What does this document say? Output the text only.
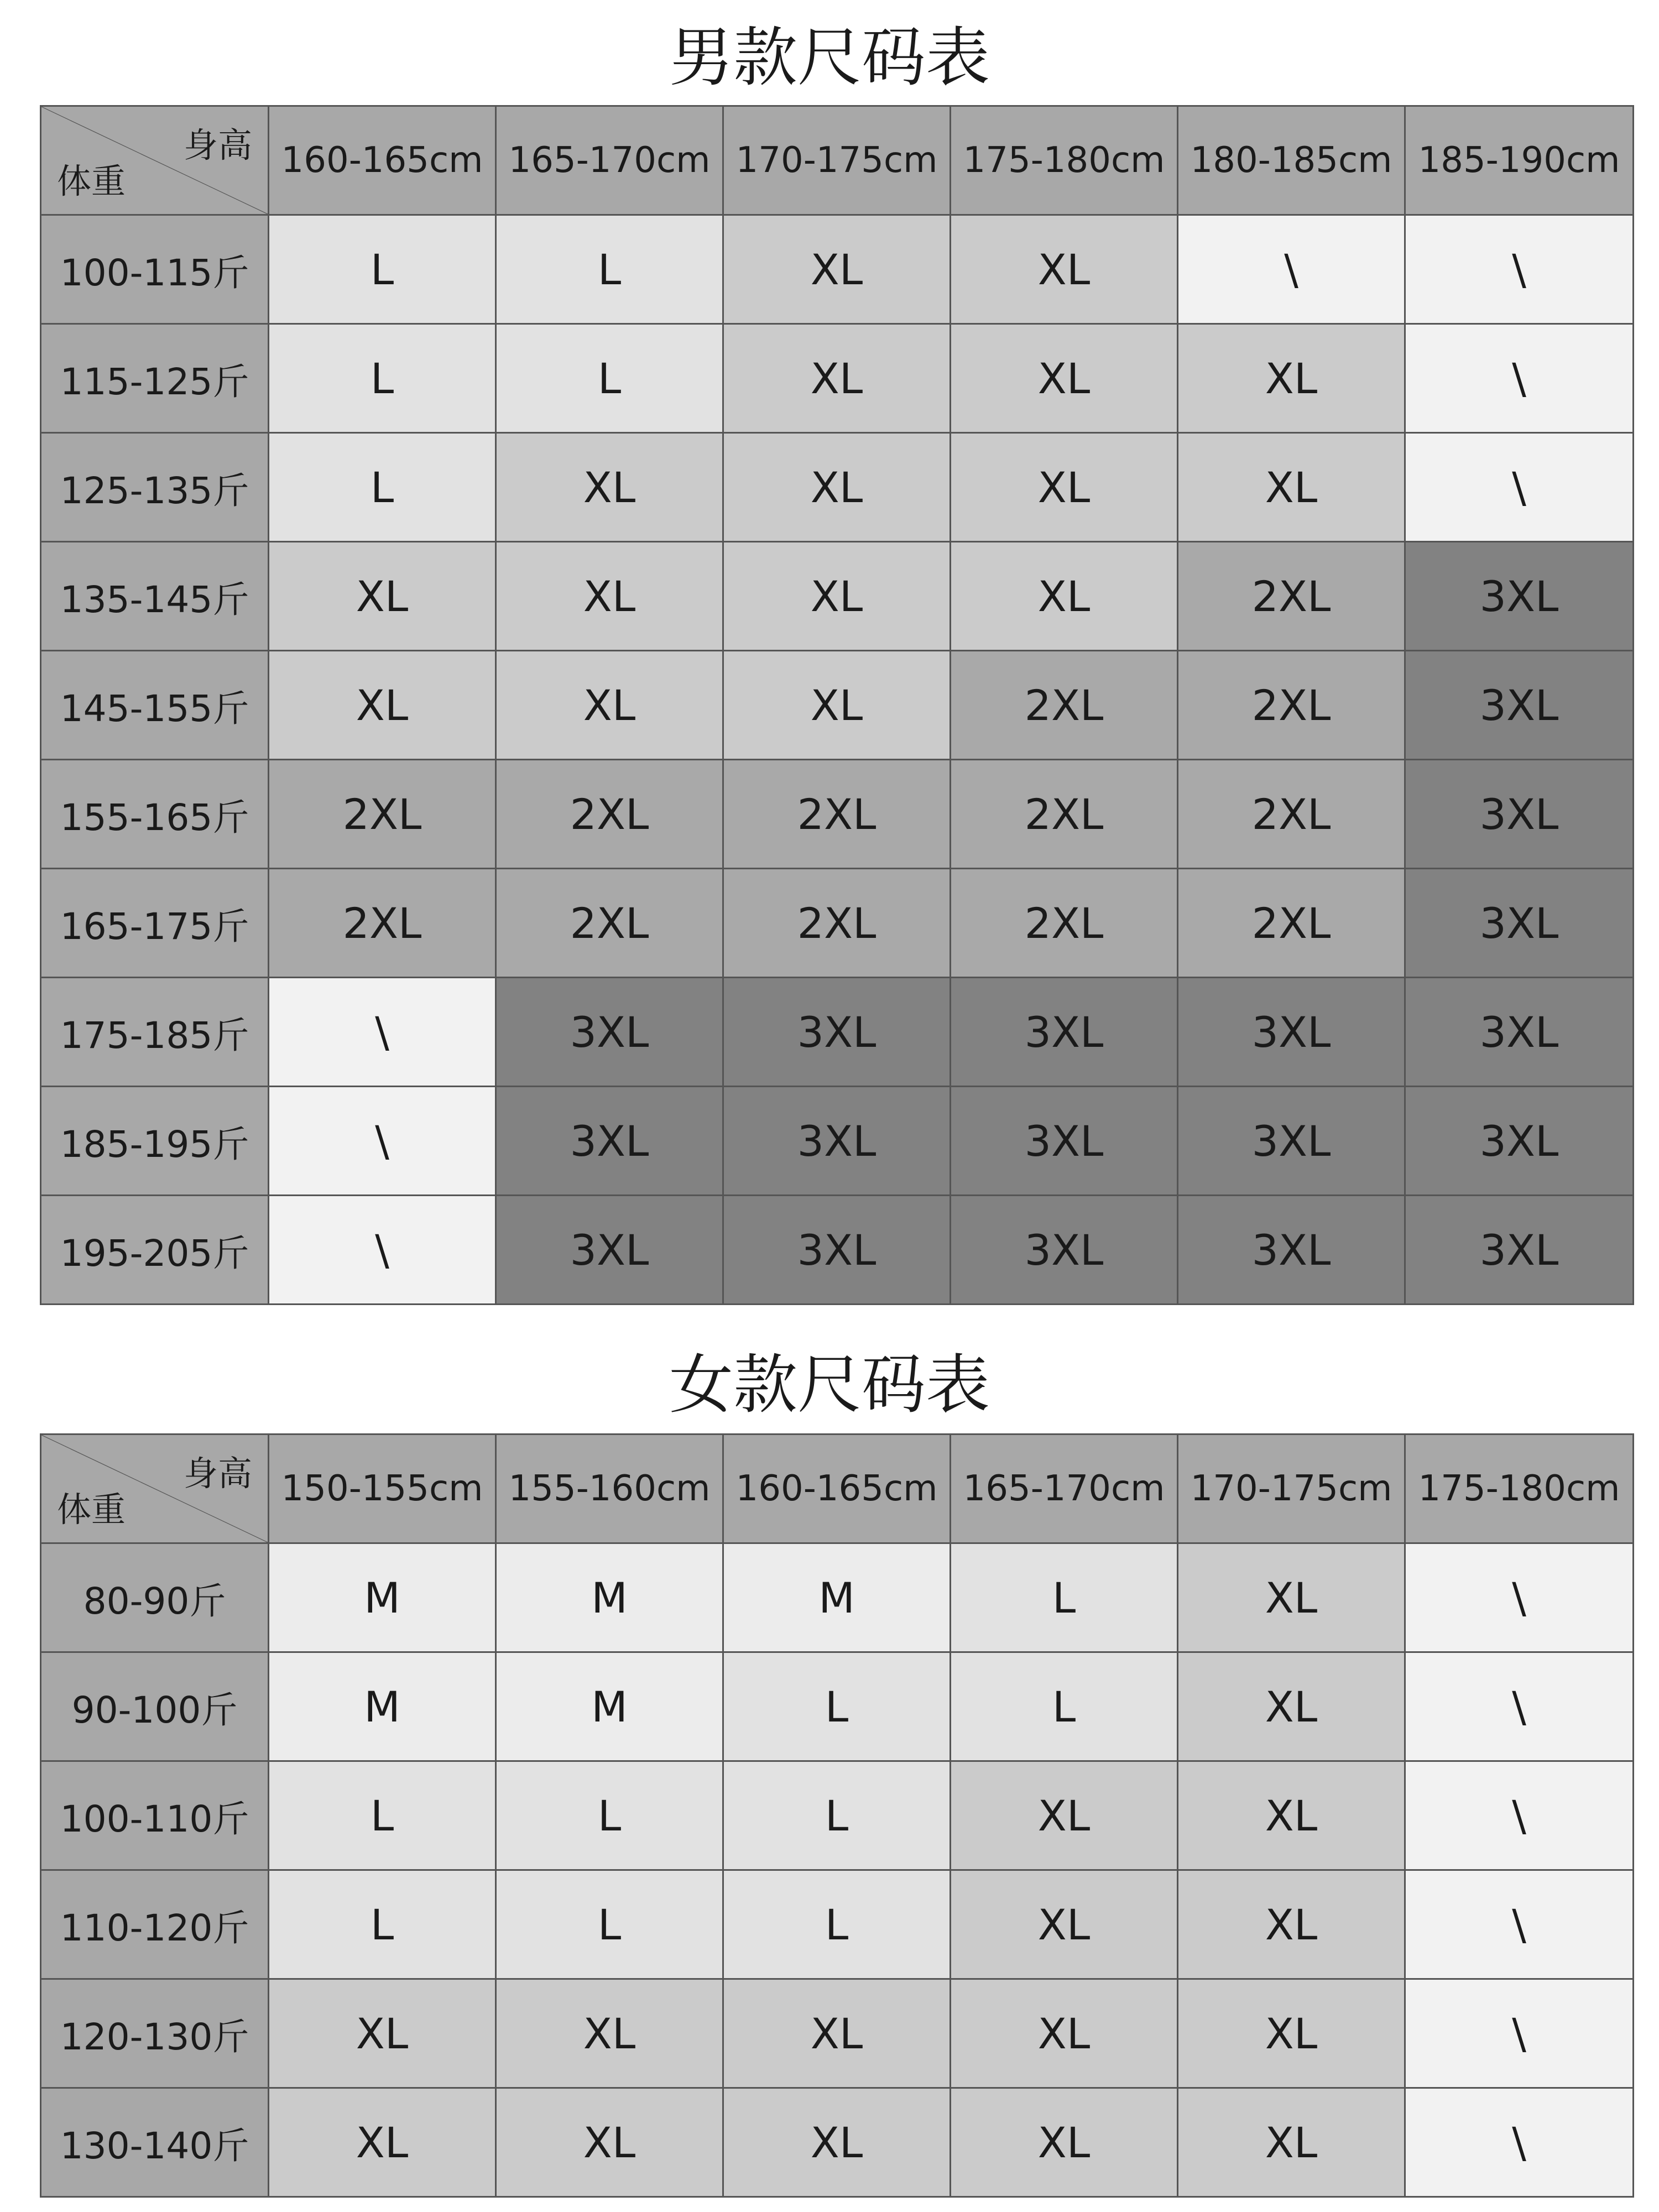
男款尺码表
身高
体重	160-165cm	165-170cm	170-175cm	175-180cm	180-185cm	185-190cm
100-115斤	L	L	XL	XL	\	\
115-125斤	L	L	XL	XL	XL	\
125-135斤	L	XL	XL	XL	XL	\
135-145斤	XL	XL	XL	XL	2XL	3XL
145-155斤	XL	XL	XL	2XL	2XL	3XL
155-165斤	2XL	2XL	2XL	2XL	2XL	3XL
165-175斤	2XL	2XL	2XL	2XL	2XL	3XL
175-185斤	\	3XL	3XL	3XL	3XL	3XL
185-195斤	\	3XL	3XL	3XL	3XL	3XL
195-205斤	\	3XL	3XL	3XL	3XL	3XL
女款尺码表
身高
体重	150-155cm	155-160cm	160-165cm	165-170cm	170-175cm	175-180cm
80-90斤	M	M	M	L	XL	\
90-100斤	M	M	L	L	XL	\
100-110斤	L	L	L	XL	XL	\
110-120斤	L	L	L	XL	XL	\
120-130斤	XL	XL	XL	XL	XL	\
130-140斤	XL	XL	XL	XL	XL	\
